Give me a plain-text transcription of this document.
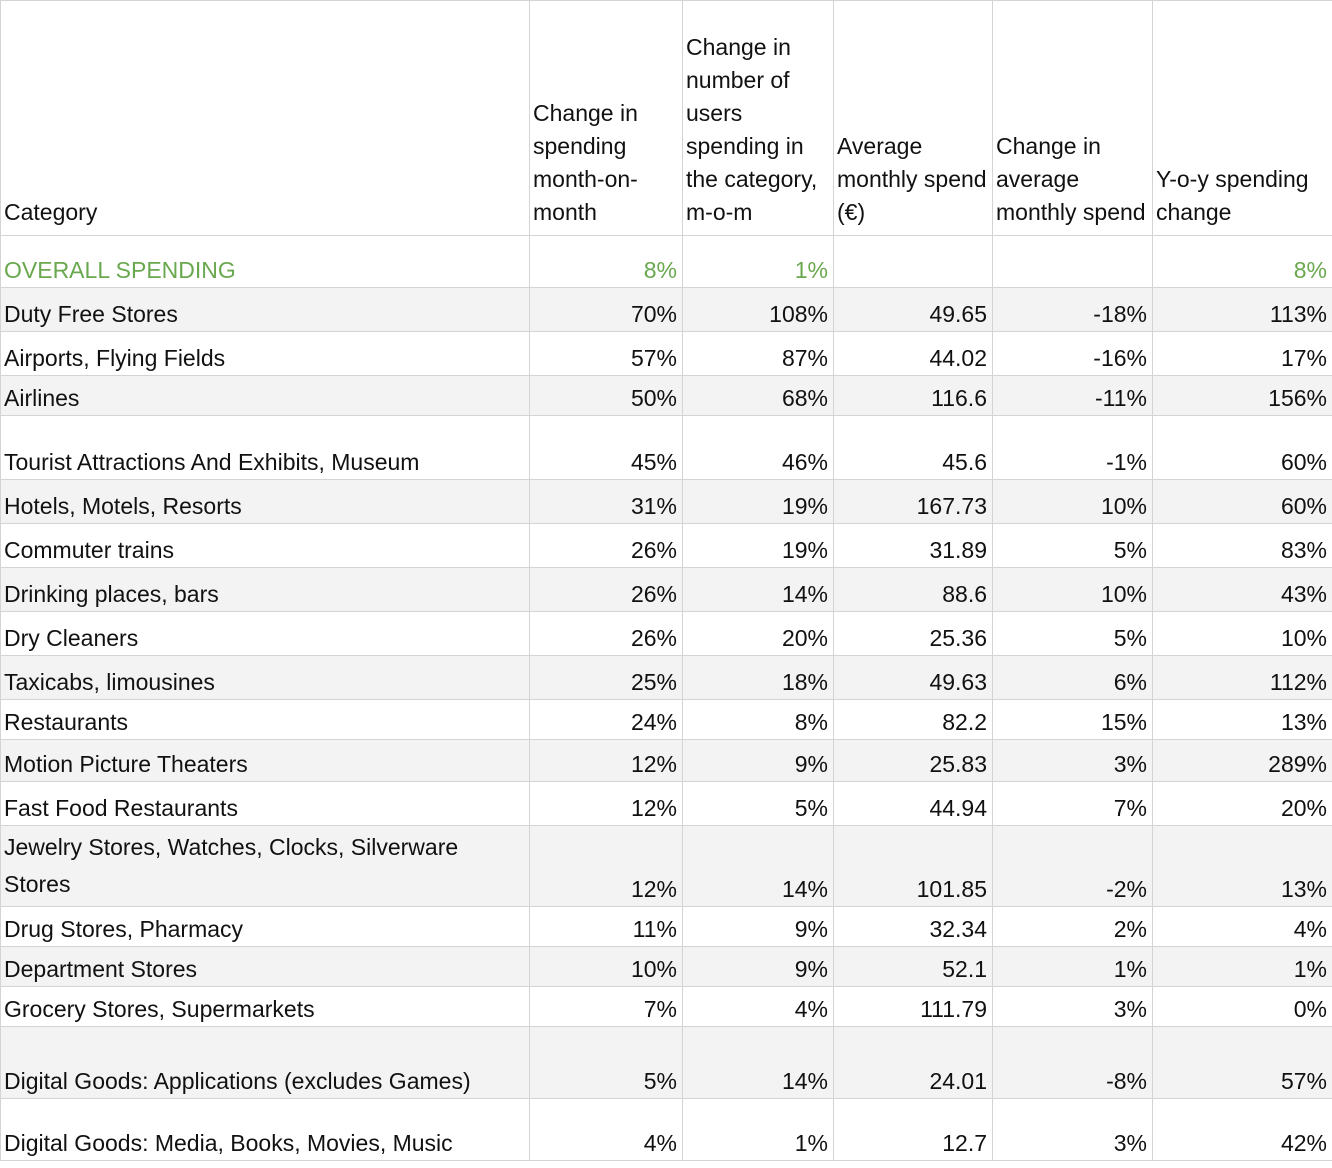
Category	Change in spending month-on-month	Change in number of users spending in the category, m-o-m	Average monthly spend (€)	Change in average monthly spend	Y-o-y spending change
OVERALL SPENDING	8%	1%			8%
Duty Free Stores	70%	108%	49.65	-18%	113%
Airports, Flying Fields	57%	87%	44.02	-16%	17%
Airlines	50%	68%	116.6	-11%	156%
Tourist Attractions And Exhibits, Museum	45%	46%	45.6	-1%	60%
Hotels, Motels, Resorts	31%	19%	167.73	10%	60%
Commuter trains	26%	19%	31.89	5%	83%
Drinking places, bars	26%	14%	88.6	10%	43%
Dry Cleaners	26%	20%	25.36	5%	10%
Taxicabs, limousines	25%	18%	49.63	6%	112%
Restaurants	24%	8%	82.2	15%	13%
Motion Picture Theaters	12%	9%	25.83	3%	289%
Fast Food Restaurants	12%	5%	44.94	7%	20%
Jewelry Stores, Watches, Clocks, Silverware Stores	12%	14%	101.85	-2%	13%
Drug Stores, Pharmacy	11%	9%	32.34	2%	4%
Department Stores	10%	9%	52.1	1%	1%
Grocery Stores, Supermarkets	7%	4%	111.79	3%	0%
Digital Goods: Applications (excludes Games)	5%	14%	24.01	-8%	57%
Digital Goods: Media, Books, Movies, Music	4%	1%	12.7	3%	42%
